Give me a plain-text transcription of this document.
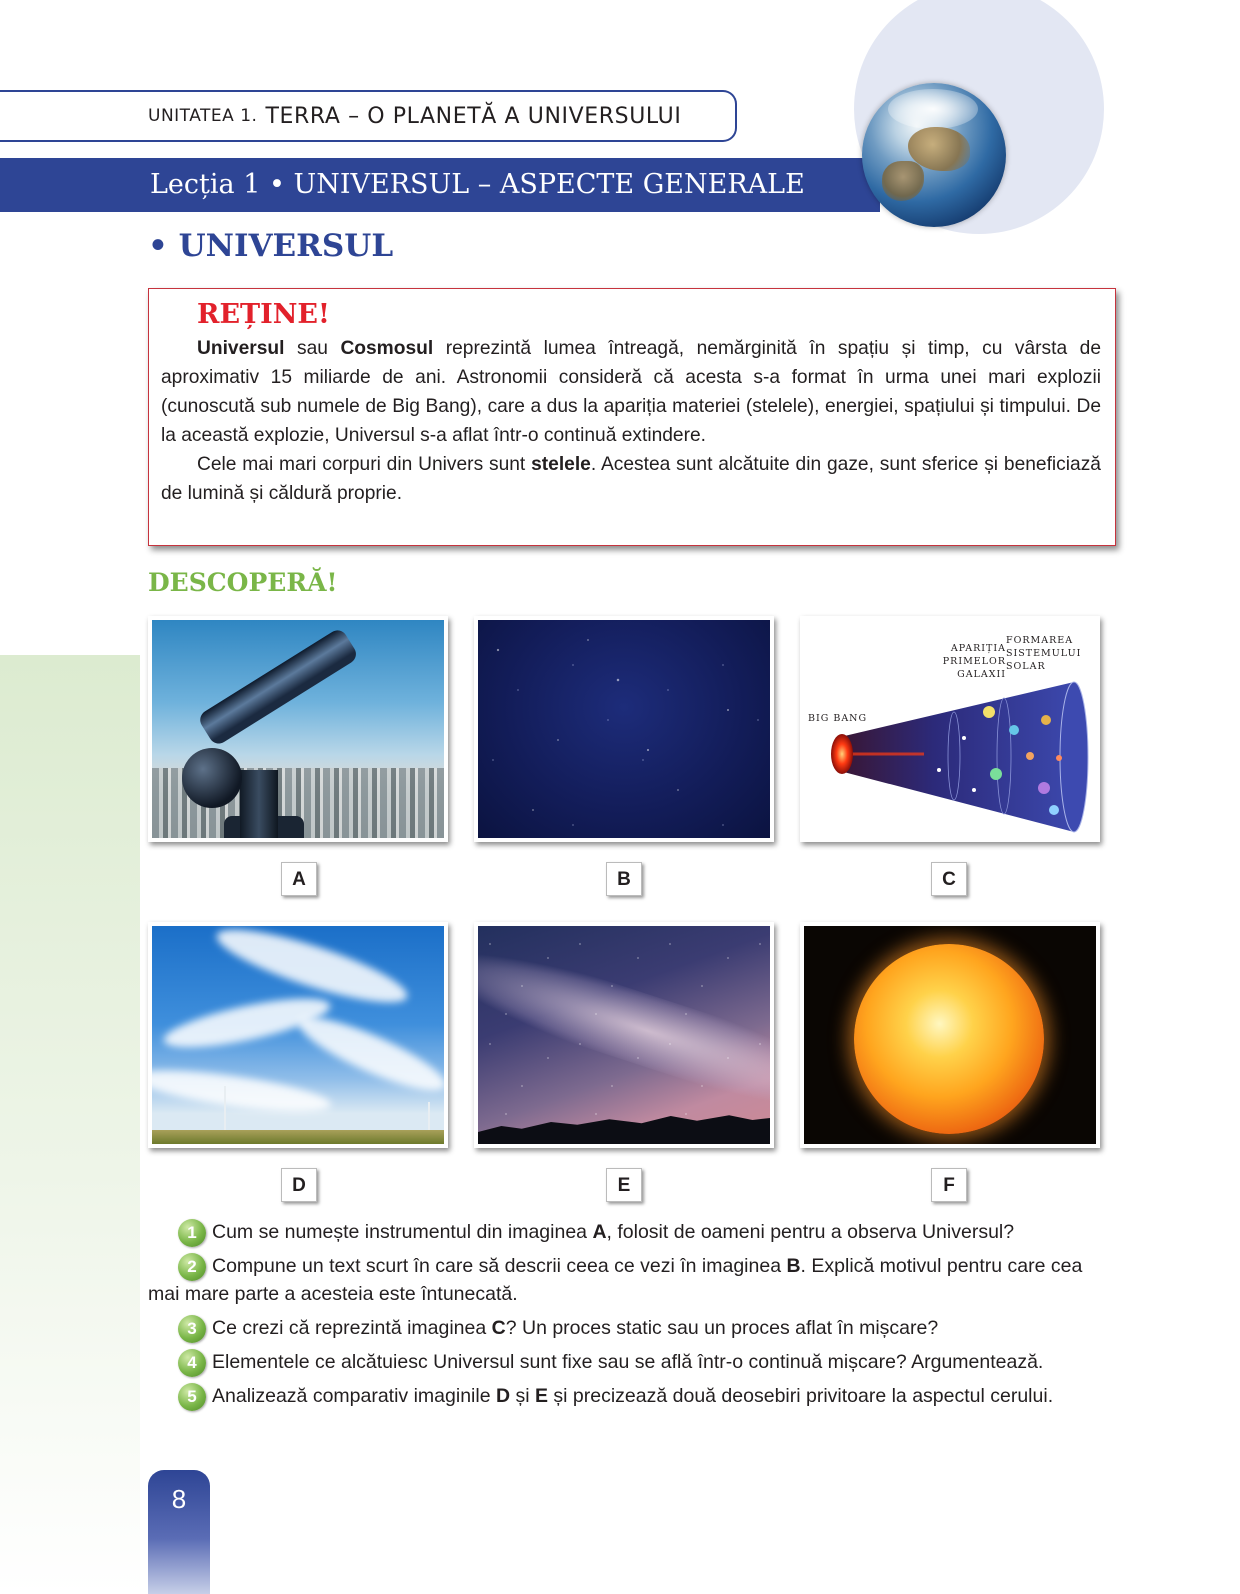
UNITATEA 1. TERRA – O PLANETĂ A UNIVERSULUI
Lecția 1 • UNIVERSUL – ASPECTE GENERALE
• UNIVERSUL
REȚINE!

Universul sau Cosmosul reprezintă lumea întreagă, nemărginită în spațiu și timp, cu vârsta de aproximativ 15 miliarde de ani. Astronomii consideră că acesta s-a format în urma unei mari explozii (cunoscută sub numele de Big Bang), care a dus la apariția materiei (stelele), energiei, spațiului și timpului. De la această explozie, Universul s-a aflat într-o continuă extindere.

Cele mai mari corpuri din Univers sunt stelele. Acestea sunt alcătuite din gaze, sunt sferice și beneficiază de lumină și căldură proprie.

DESCOPERĂ!
A	B
BIG BANG
APARIȚIA
PRIMELOR
GALAXII
FORMAREA
SISTEMULUI
SOLAR
C
D	E	F
1 Cum se numește instrumentul din imaginea A, folosit de oameni pentru a observa Universul?
2 Compune un text scurt în care să descrii ceea ce vezi în imaginea B. Explică motivul pentru care cea mai mare parte a acesteia este întunecată.
3 Ce crezi că reprezintă imaginea C? Un proces static sau un proces aflat în mișcare?
4 Elementele ce alcătuiesc Universul sunt fixe sau se află într-o continuă mișcare? Argumentează.
5 Analizează comparativ imaginile D și E și precizează două deosebiri privitoare la aspectul cerului.
8
